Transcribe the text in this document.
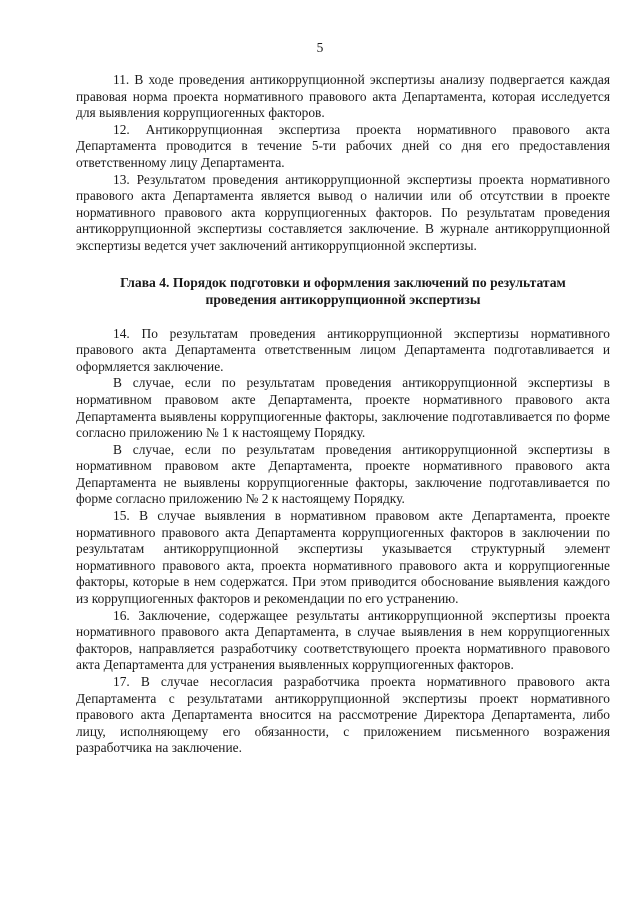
5

11. В ходе проведения антикоррупционной экспертизы анализу подвергается каждая правовая норма проекта нормативного правового акта Департамента, которая исследуется для выявления коррупциогенных факторов.

12. Антикоррупционная экспертиза проекта нормативного правового акта Департамента проводится в течение 5-ти рабочих дней со дня его предоставления ответственному лицу Департамента.

13. Результатом проведения антикоррупционной экспертизы проекта нормативного правового акта Департамента является вывод о наличии или об отсутствии в проекте нормативного правового акта коррупциогенных факторов. По результатам проведения антикоррупционной экспертизы составляется заключение. В журнале антикоррупционной экспертизы ведется учет заключений антикоррупционной экспертизы.

Глава 4. Порядок подготовки и оформления заключений по результатам проведения антикоррупционной экспертизы

14. По результатам проведения антикоррупционной экспертизы нормативного правового акта Департамента ответственным лицом Департамента подготавливается и оформляется заключение.

В случае, если по результатам проведения антикоррупционной экспертизы в нормативном правовом акте Департамента, проекте нормативного правового акта Департамента выявлены коррупциогенные факторы, заключение подготавливается по форме согласно приложению № 1 к настоящему Порядку.

В случае, если по результатам проведения антикоррупционной экспертизы в нормативном правовом акте Департамента, проекте нормативного правового акта Департамента не выявлены коррупциогенные факторы, заключение подготавливается по форме согласно приложению № 2 к настоящему Порядку.

15. В случае выявления в нормативном правовом акте Департамента, проекте нормативного правового акта Департамента коррупциогенных факторов в заключении по результатам антикоррупционной экспертизы указывается структурный элемент нормативного правового акта, проекта нормативного правового акта и коррупциогенные факторы, которые в нем содержатся. При этом приводится обоснование выявления каждого из коррупциогенных факторов и рекомендации по его устранению.

16. Заключение, содержащее результаты антикоррупционной экспертизы проекта нормативного правового акта Департамента, в случае выявления в нем коррупциогенных факторов, направляется разработчику соответствующего проекта нормативного правового акта Департамента для устранения выявленных коррупциогенных факторов.

17. В случае несогласия разработчика проекта нормативного правового акта Департамента с результатами антикоррупционной экспертизы проект нормативного правового акта Департамента вносится на рассмотрение Директора Департамента, либо лицу, исполняющему его обязанности, с приложением письменного возражения разработчика на заключение.
